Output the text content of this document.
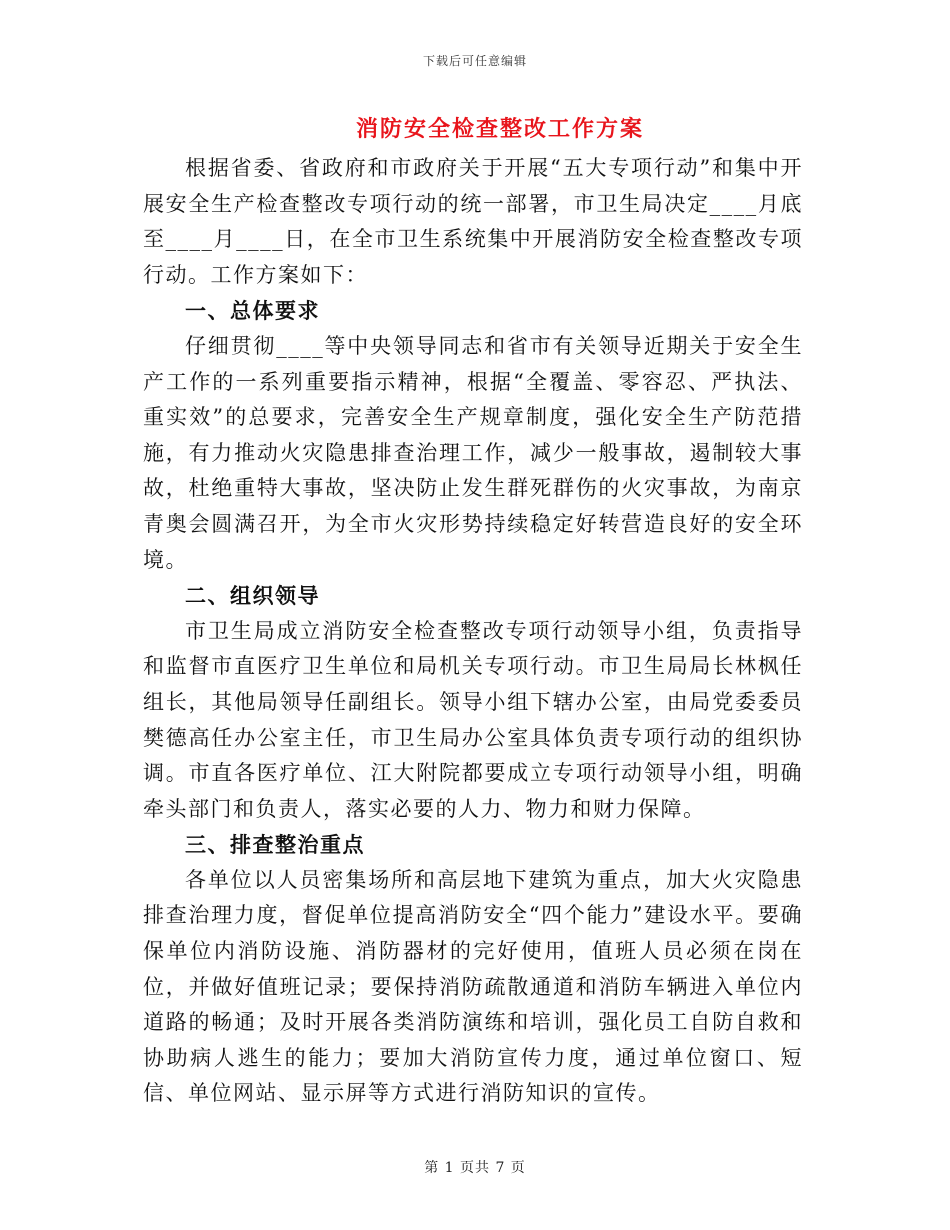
下载后可任意编辑
消防安全检查整改工作方案

根据省委、省政府和市政府关于开展“五大专项行动”和集中开展安全生产检查整改专项行动的统一部署，市卫生局决定____月底至____月____日，在全市卫生系统集中开展消防安全检查整改专项行动。工作方案如下：

一、总体要求

仔细贯彻____等中央领导同志和省市有关领导近期关于安全生产工作的一系列重要指示精神，根据“全覆盖、零容忍、严执法、重实效”的总要求，完善安全生产规章制度，强化安全生产防范措施，有力推动火灾隐患排查治理工作，减少一般事故，遏制较大事故，杜绝重特大事故，坚决防止发生群死群伤的火灾事故，为南京青奥会圆满召开，为全市火灾形势持续稳定好转营造良好的安全环境。

二、组织领导

市卫生局成立消防安全检查整改专项行动领导小组，负责指导和监督市直医疗卫生单位和局机关专项行动。市卫生局局长林枫任组长，其他局领导任副组长。领导小组下辖办公室，由局党委委员樊德高任办公室主任，市卫生局办公室具体负责专项行动的组织协调。市直各医疗单位、江大附院都要成立专项行动领导小组，明确牵头部门和负责人，落实必要的人力、物力和财力保障。

三、排查整治重点

各单位以人员密集场所和高层地下建筑为重点，加大火灾隐患排查治理力度，督促单位提高消防安全“四个能力”建设水平。要确保单位内消防设施、消防器材的完好使用，值班人员必须在岗在位，并做好值班记录；要保持消防疏散通道和消防车辆进入单位内道路的畅通；及时开展各类消防演练和培训，强化员工自防自救和协助病人逃生的能力；要加大消防宣传力度，通过单位窗口、短信、单位网站、显示屏等方式进行消防知识的宣传。

第 1 页共 7 页
